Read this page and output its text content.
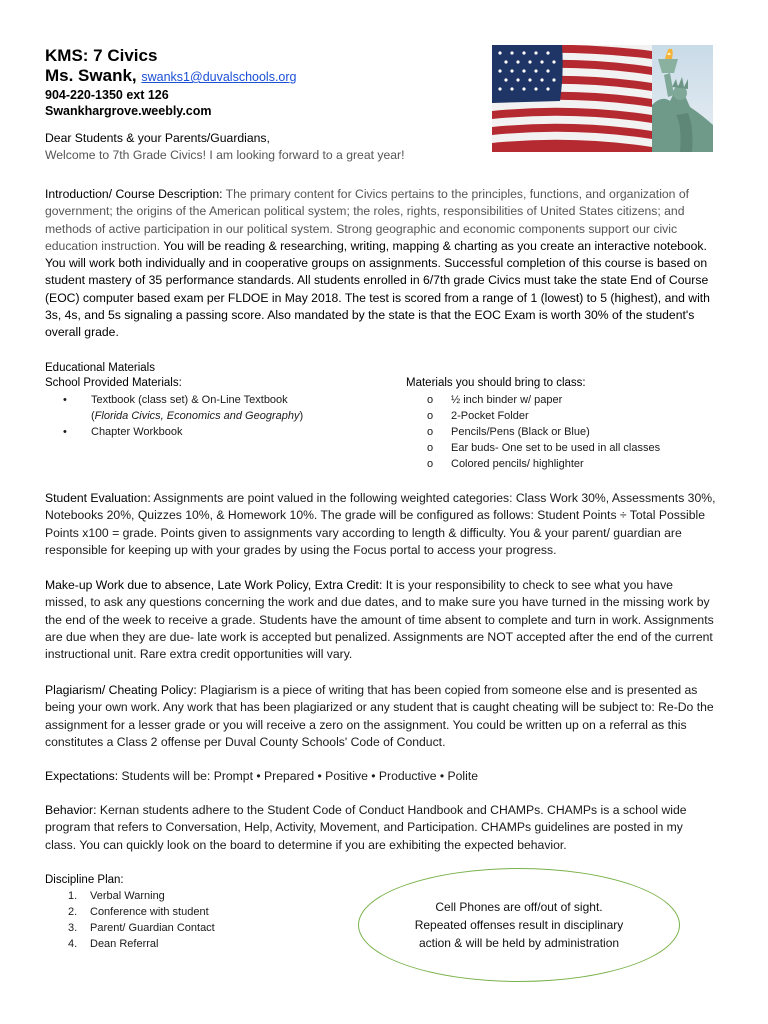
KMS: 7 Civics
Ms. Swank, swanks1@duvalschools.org
904-220-1350 ext 126
Swankhargrove.weebly.com

Dear Students & your Parents/Guardians,

Welcome to 7th Grade Civics! I am looking forward to a great year!

Introduction/ Course Description: The primary content for Civics pertains to the principles, functions, and organization of government; the origins of the American political system; the roles, rights, responsibilities of United States citizens; and methods of active participation in our political system. Strong geographic and economic components support our civic education instruction. You will be reading & researching, writing, mapping & charting as you create an interactive notebook. You will work both individually and in cooperative groups on assignments. Successful completion of this course is based on student mastery of 35 performance standards. All students enrolled in 6/7th grade Civics must take the state End of Course (EOC) computer based exam per FLDOE in May 2018. The test is scored from a range of 1 (lowest) to 5 (highest), and with 3s, 4s, and 5s signaling a passing score. Also mandated by the state is that the EOC Exam is worth 30% of the student's overall grade.

Educational Materials
School Provided Materials:
• Textbook (class set) & On-Line Textbook
(Florida Civics, Economics and Geography)
• Chapter Workbook
Materials you should bring to class:
o ½ inch binder w/ paper
o 2-Pocket Folder
o Pencils/Pens (Black or Blue)
o Ear buds- One set to be used in all classes
o Colored pencils/ highlighter

Student Evaluation: Assignments are point valued in the following weighted categories: Class Work 30%, Assessments 30%, Notebooks 20%, Quizzes 10%, & Homework 10%. The grade will be configured as follows: Student Points ÷ Total Possible Points x100 = grade. Points given to assignments vary according to length & difficulty. You & your parent/ guardian are responsible for keeping up with your grades by using the Focus portal to access your progress.

Make-up Work due to absence, Late Work Policy, Extra Credit: It is your responsibility to check to see what you have missed, to ask any questions concerning the work and due dates, and to make sure you have turned in the missing work by the end of the week to receive a grade. Students have the amount of time absent to complete and turn in work. Assignments are due when they are due- late work is accepted but penalized. Assignments are NOT accepted after the end of the current instructional unit. Rare extra credit opportunities will vary.

Plagiarism/ Cheating Policy: Plagiarism is a piece of writing that has been copied from someone else and is presented as being your own work. Any work that has been plagiarized or any student that is caught cheating will be subject to: Re-Do the assignment for a lesser grade or you will receive a zero on the assignment. You could be written up on a referral as this constitutes a Class 2 offense per Duval County Schools' Code of Conduct.

Expectations: Students will be: Prompt • Prepared • Positive • Productive • Polite

Behavior: Kernan students adhere to the Student Code of Conduct Handbook and CHAMPs. CHAMPs is a school wide program that refers to Conversation, Help, Activity, Movement, and Participation. CHAMPs guidelines are posted in my class. You can quickly look on the board to determine if you are exhibiting the expected behavior.

Discipline Plan:
1. Verbal Warning
2. Conference with student
3. Parent/ Guardian Contact
4. Dean Referral
Cell Phones are off/out of sight. Repeated offenses result in disciplinary action & will be held by administration
